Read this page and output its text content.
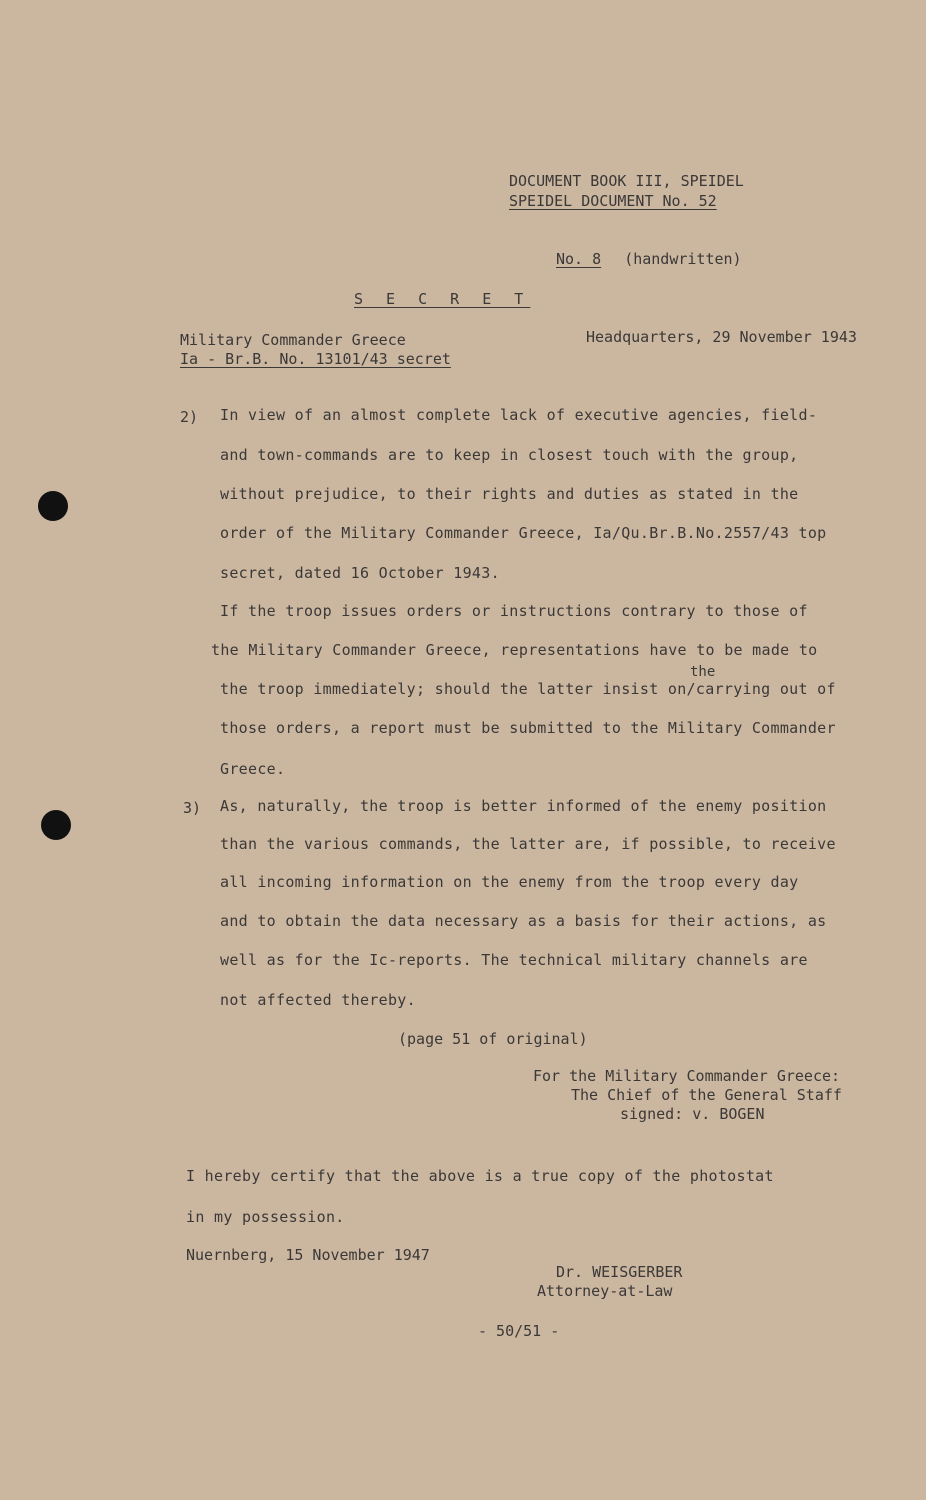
DOCUMENT BOOK III, SPEIDEL
SPEIDEL DOCUMENT No. 52
No. 8 (handwritten)
S E C R E T
Military Commander Greece
Ia - Br.B. No. 13101/43 secret
Headquarters, 29 November 1943
2) In view of an almost complete lack of executive agencies, field-
and town-commands are to keep in closest touch with the group,
without prejudice, to their rights and duties as stated in the
order of the Military Commander Greece, Ia/Qu.Br.B.No.2557/43 top
secret, dated 16 October 1943.
If the troop issues orders or instructions contrary to those of
the Military Commander Greece, representations have to be made to
the
the troop immediately; should the latter insist on/carrying out of
those orders, a report must be submitted to the Military Commander
Greece.
3) As, naturally, the troop is better informed of the enemy position
than the various commands, the latter are, if possible, to receive
all incoming information on the enemy from the troop every day
and to obtain the data necessary as a basis for their actions, as
well as for the Ic-reports. The technical military channels are
not affected thereby.
(page 51 of original)
For the Military Commander Greece:
The Chief of the General Staff
signed: v. BOGEN
I hereby certify that the above is a true copy of the photostat
in my possession.
Nuernberg, 15 November 1947
Dr. WEISGERBER
Attorney-at-Law
- 50/51 -
